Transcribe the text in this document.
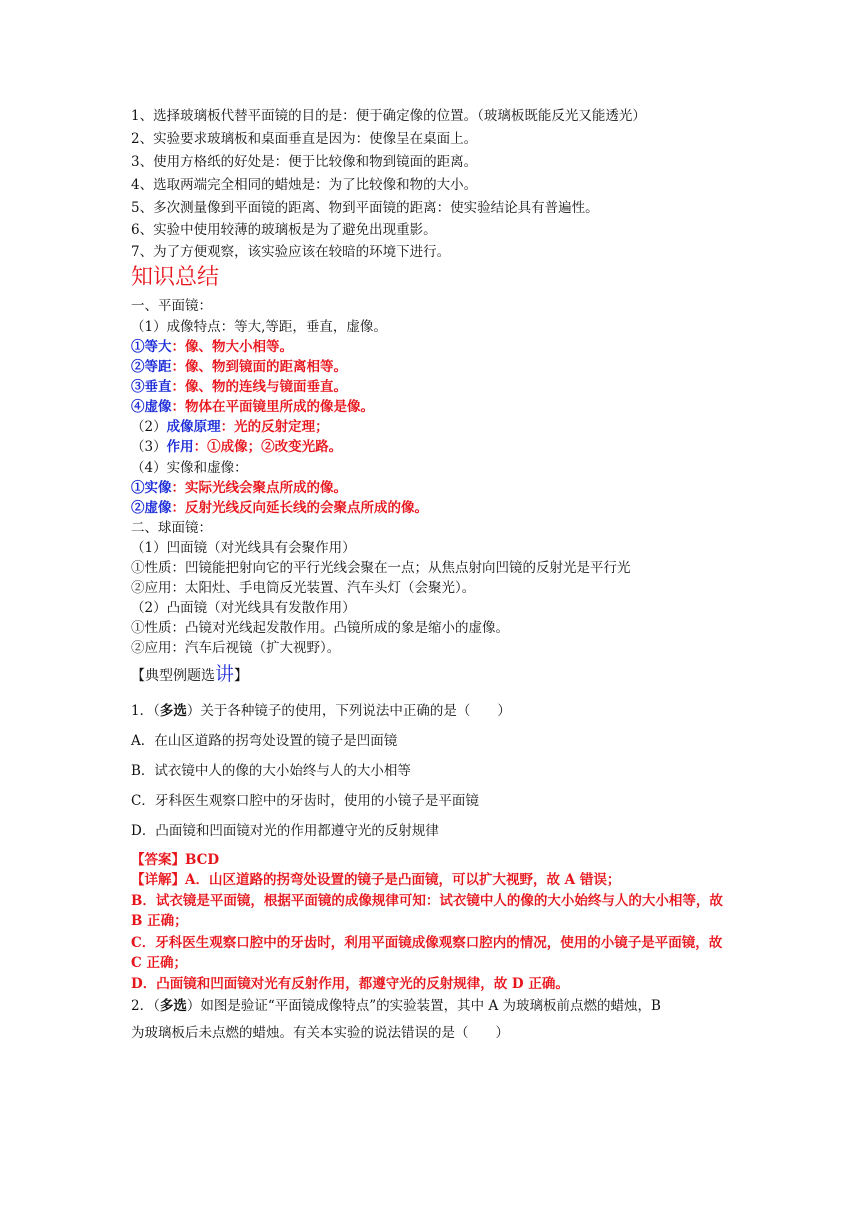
1、选择玻璃板代替平面镜的目的是：便于确定像的位置。（玻璃板既能反光又能透光）
2、实验要求玻璃板和桌面垂直是因为：使像呈在桌面上。
3、使用方格纸的好处是：便于比较像和物到镜面的距离。
4、选取两端完全相同的蜡烛是：为了比较像和物的大小。
5、多次测量像到平面镜的距离、物到平面镜的距离：使实验结论具有普遍性。
6、实验中使用较薄的玻璃板是为了避免出现重影。
7、为了方便观察，该实验应该在较暗的环境下进行。
知识总结
一、平面镜：
（1）成像特点：等大,等距，垂直，虚像。
①等大：像、物大小相等。
②等距：像、物到镜面的距离相等。
③垂直：像、物的连线与镜面垂直。
④虚像：物体在平面镜里所成的像是像。
（2）成像原理：光的反射定理；
（3）作用：①成像；②改变光路。
（4）实像和虚像：
①实像：实际光线会聚点所成的像。
②虚像：反射光线反向延长线的会聚点所成的像。
二、球面镜：
（1）凹面镜（对光线具有会聚作用）
①性质：凹镜能把射向它的平行光线会聚在一点；从焦点射向凹镜的反射光是平行光
②应用：太阳灶、手电筒反光装置、汽车头灯（会聚光）。
（2）凸面镜（对光线具有发散作用）
①性质：凸镜对光线起发散作用。凸镜所成的象是缩小的虚像。
②应用：汽车后视镜（扩大视野）。
【典型例题选讲】
1．（多选）关于各种镜子的使用，下列说法中正确的是（　　）
A．在山区道路的拐弯处设置的镜子是凹面镜
B．试衣镜中人的像的大小始终与人的大小相等
C．牙科医生观察口腔中的牙齿时，使用的小镜子是平面镜
D．凸面镜和凹面镜对光的作用都遵守光的反射规律
【答案】BCD
【详解】A．山区道路的拐弯处设置的镜子是凸面镜，可以扩大视野，故 A 错误；
B．试衣镜是平面镜，根据平面镜的成像规律可知：试衣镜中人的像的大小始终与人的大小相等，故 B 正确；
C．牙科医生观察口腔中的牙齿时，利用平面镜成像观察口腔内的情况，使用的小镜子是平面镜，故 C 正确；
D．凸面镜和凹面镜对光有反射作用，都遵守光的反射规律，故 D 正确。
2．（多选）如图是验证“平面镜成像特点”的实验装置，其中 A 为玻璃板前点燃的蜡烛，B
为玻璃板后未点燃的蜡烛。有关本实验的说法错误的是（　　）
